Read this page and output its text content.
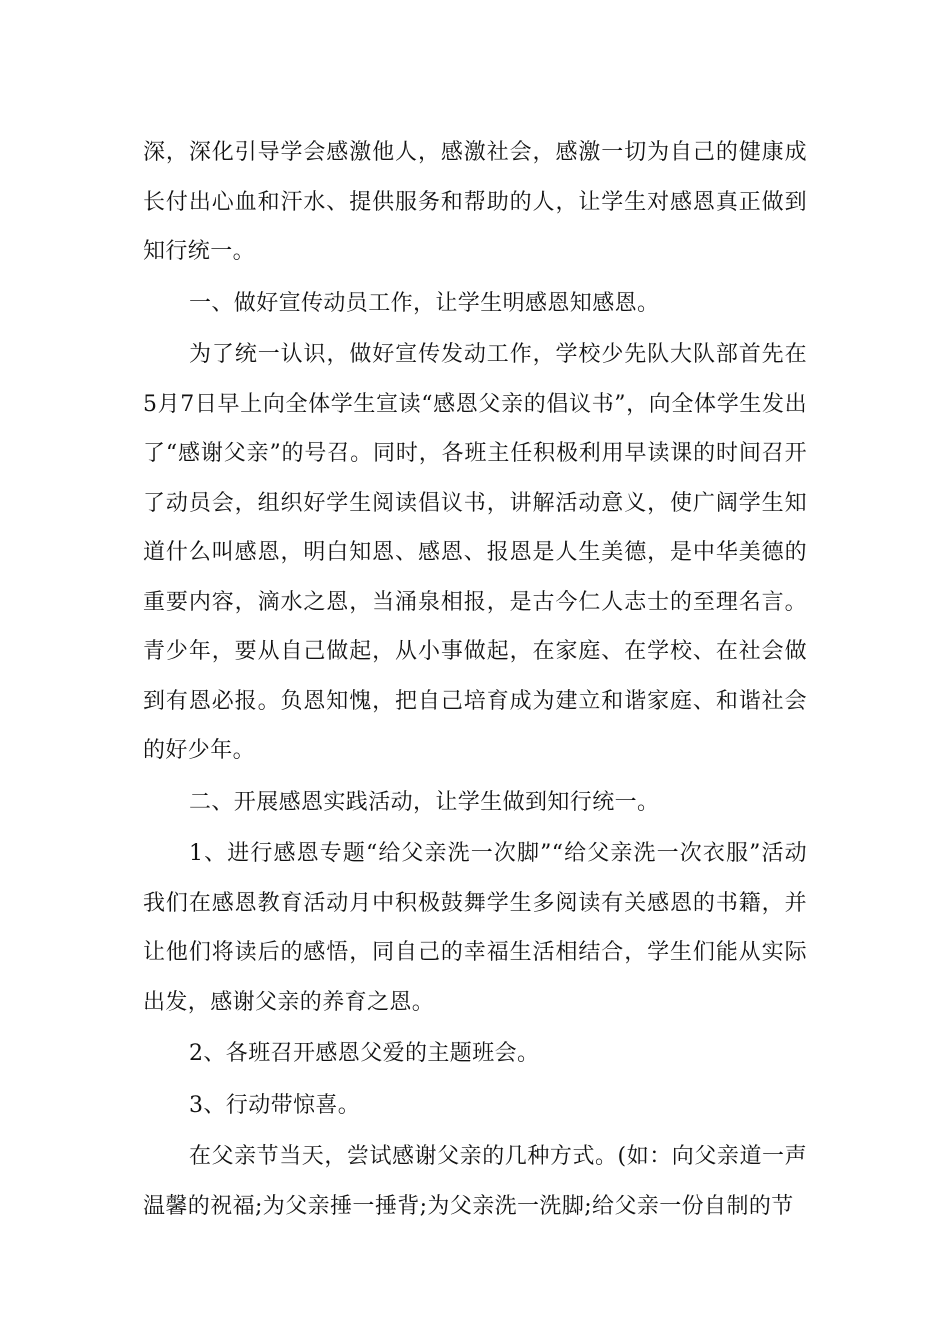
深，深化引导学会感激他人，感激社会，感激一切为自己的健康成长付出心血和汗水、提供服务和帮助的人，让学生对感恩真正做到知行统一。

一、做好宣传动员工作，让学生明感恩知感恩。

为了统一认识，做好宣传发动工作，学校少先队大队部首先在5月7日早上向全体学生宣读“感恩父亲的倡议书”，向全体学生发出了“感谢父亲”的号召。同时，各班主任积极利用早读课的时间召开了动员会，组织好学生阅读倡议书，讲解活动意义，使广阔学生知道什么叫感恩，明白知恩、感恩、报恩是人生美德，是中华美德的重要内容，滴水之恩，当涌泉相报，是古今仁人志士的至理名言。青少年，要从自己做起，从小事做起，在家庭、在学校、在社会做到有恩必报。负恩知愧，把自己培育成为建立和谐家庭、和谐社会的好少年。

二、开展感恩实践活动，让学生做到知行统一。

1、进行感恩专题“给父亲洗一次脚”“给父亲洗一次衣服”活动我们在感恩教育活动月中积极鼓舞学生多阅读有关感恩的书籍，并让他们将读后的感悟，同自己的幸福生活相结合，学生们能从实际出发，感谢父亲的养育之恩。

2、各班召开感恩父爱的主题班会。

3、行动带惊喜。

在父亲节当天，尝试感谢父亲的几种方式。(如：向父亲道一声温馨的祝福;为父亲捶一捶背;为父亲洗一洗脚;给父亲一份自制的节
